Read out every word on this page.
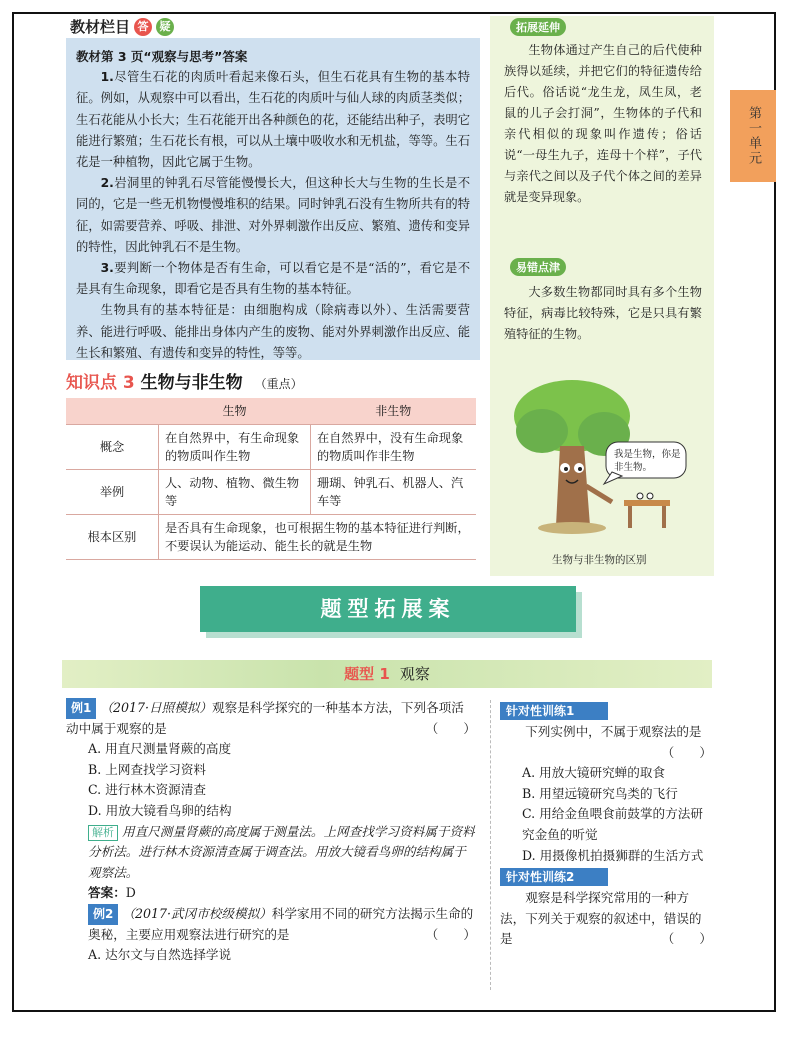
教材栏目 答	疑
教材第 3 页“观察与思考”答案

1.尽管生石花的肉质叶看起来像石头，但生石花具有生物的基本特征。例如，从观察中可以看出，生石花的肉质叶与仙人球的肉质茎类似；生石花能从小长大；生石花能开出各种颜色的花，还能结出种子，表明它能进行繁殖；生石花长有根，可以从土壤中吸收水和无机盐，等等。生石花是一种植物，因此它属于生物。

2.岩洞里的钟乳石尽管能慢慢长大，但这种长大与生物的生长是不同的，它是一些无机物慢慢堆积的结果。同时钟乳石没有生物所共有的特征，如需要营养、呼吸、排泄、对外界刺激作出反应、繁殖、遗传和变异的特性，因此钟乳石不是生物。

3.要判断一个物体是否有生命，可以看它是不是“活的”，看它是不是具有生命现象，即看它是否具有生物的基本特征。

生物具有的基本特征是：由细胞构成（除病毒以外）、生活需要营养、能进行呼吸、能排出身体内产生的废物、能对外界刺激作出反应、能生长和繁殖、有遗传和变异的特性，等等。

知识点 3 生物与非生物 （重点）
	生物	非生物
概念	在自然界中，有生命现象的物质叫作生物	在自然界中，没有生命现象的物质叫作非生物
举例	人、动物、植物、微生物等	珊瑚、钟乳石、机器人、汽车等
根本区别	是否具有生命现象，也可根据生物的基本特征进行判断，不要误认为能运动、能生长的就是生物	
拓展延伸

生物体通过产生自己的后代使种族得以延续，并把它们的特征遗传给后代。俗话说“龙生龙，凤生凤，老鼠的儿子会打洞”，生物体的子代和亲代相似的现象叫作遗传；俗话说“一母生九子，连母十个样”，子代与亲代之间以及子代个体之间的差异就是变异现象。

易错点津

大多数生物都同时具有多个生物特征，病毒比较特殊，它是只具有繁殖特征的生物。

我是生物，你是非生物。
生物与非生物的区别
第一单元
题型拓展案
题型 1 观察

例1 （2017·日照模拟）观察是科学探究的一种基本方法，下列各项活动中属于观察的是	（　　）

A. 用直尺测量肾蕨的高度

B. 上网查找学习资料

C. 进行林木资源清查

D. 用放大镜看鸟卵的结构

解析 用直尺测量肾蕨的高度属于测量法。上网查找学习资料属于资料分析法。进行林木资源清查属于调查法。用放大镜看鸟卵的结构属于观察法。

答案：D

例2 （2017·武冈市校级模拟）科学家用不同的研究方法揭示生命的奥秘，主要应用观察法进行研究的是	（　　）

A. 达尔文与自然选择学说

针对性训练1

下列实例中，不属于观察法的是
（　　）

A. 用放大镜研究蝉的取食

B. 用望远镜研究鸟类的飞行

C. 用给金鱼喂食前鼓掌的方法研究金鱼的听觉

D. 用摄像机拍摄狮群的生活方式

针对性训练2

观察是科学探究常用的一种方法，下列关于观察的叙述中，错误的是	（　　）
